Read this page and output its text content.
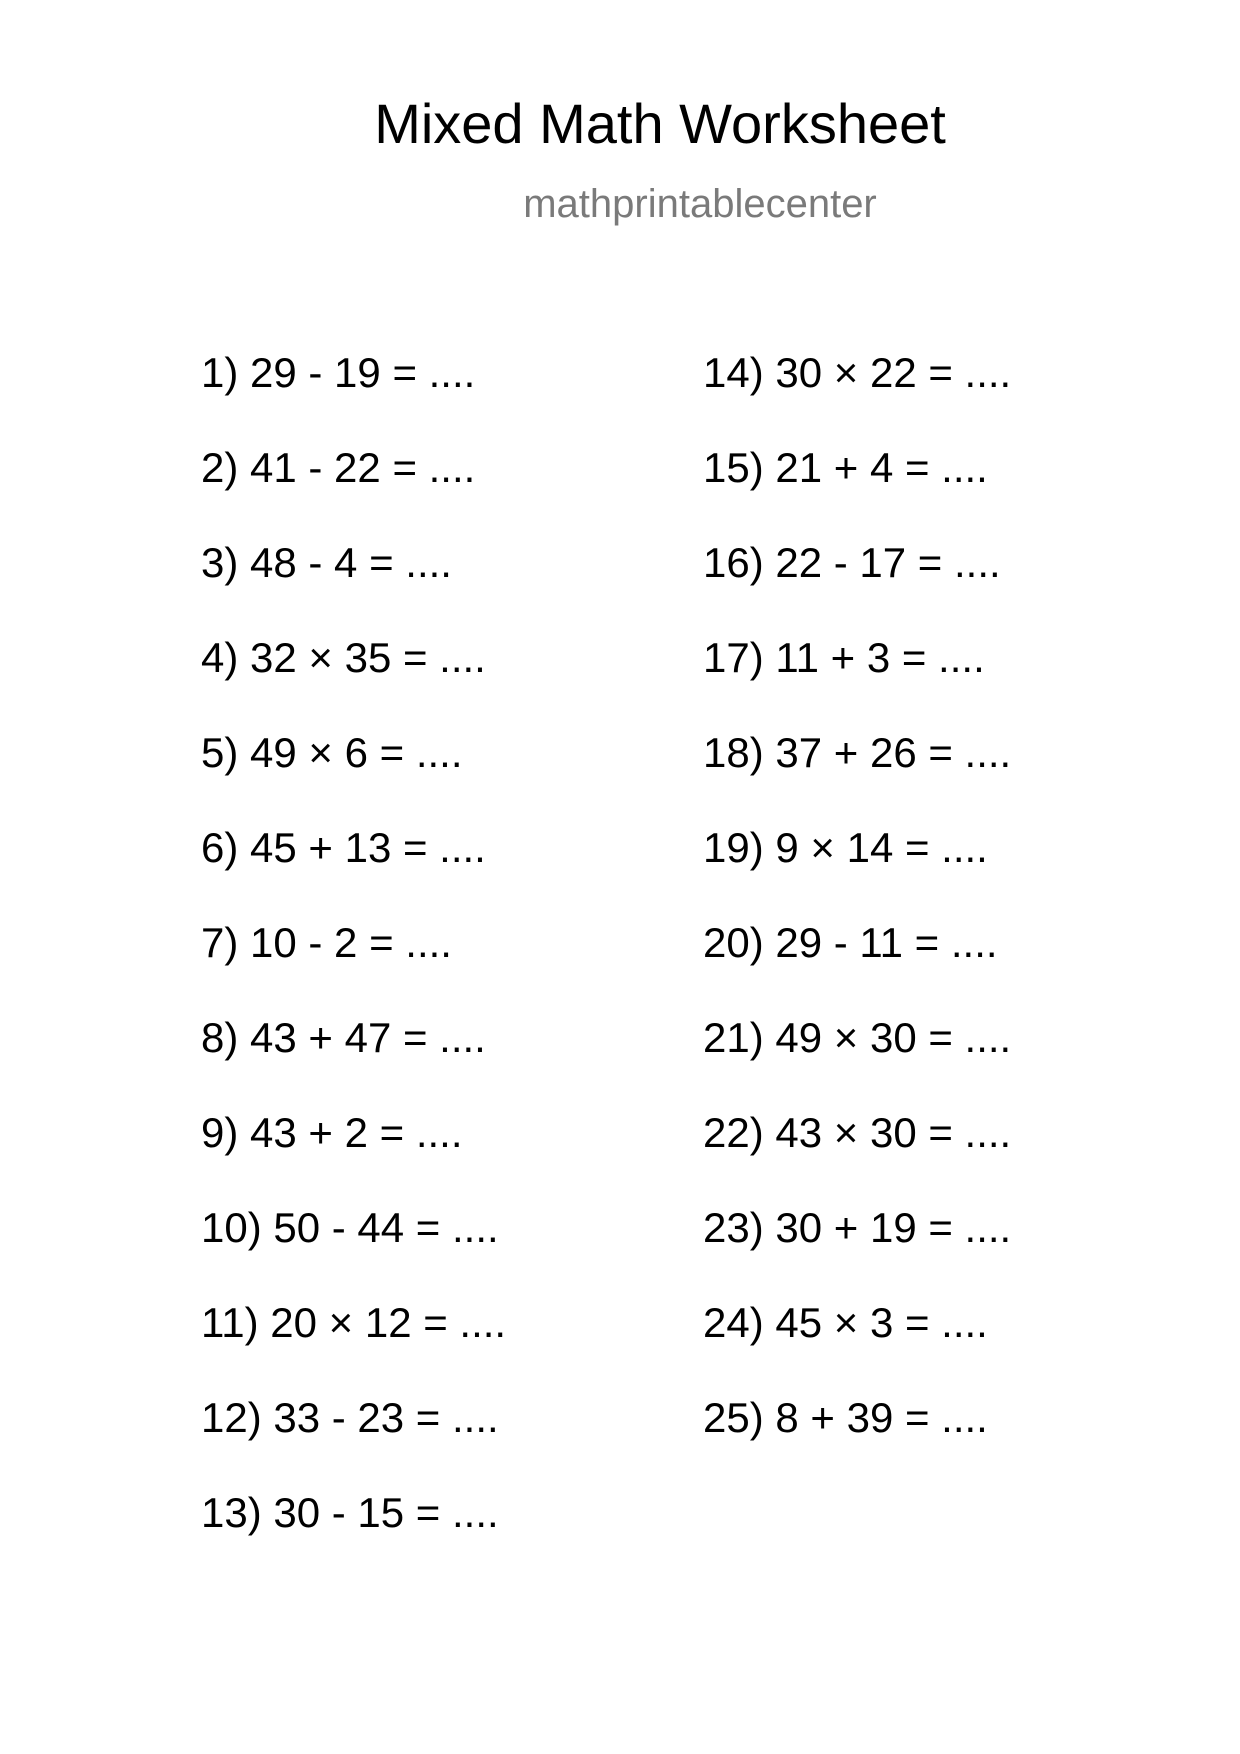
Mixed Math Worksheet
mathprintablecenter
1) 29 - 19 = ....
2) 41 - 22 = ....
3) 48 - 4 = ....
4) 32 × 35 = ....
5) 49 × 6 = ....
6) 45 + 13 = ....
7) 10 - 2 = ....
8) 43 + 47 = ....
9) 43 + 2 = ....
10) 50 - 44 = ....
11) 20 × 12 = ....
12) 33 - 23 = ....
13) 30 - 15 = ....
14) 30 × 22 = ....
15) 21 + 4 = ....
16) 22 - 17 = ....
17) 11 + 3 = ....
18) 37 + 26 = ....
19) 9 × 14 = ....
20) 29 - 11 = ....
21) 49 × 30 = ....
22) 43 × 30 = ....
23) 30 + 19 = ....
24) 45 × 3 = ....
25) 8 + 39 = ....
